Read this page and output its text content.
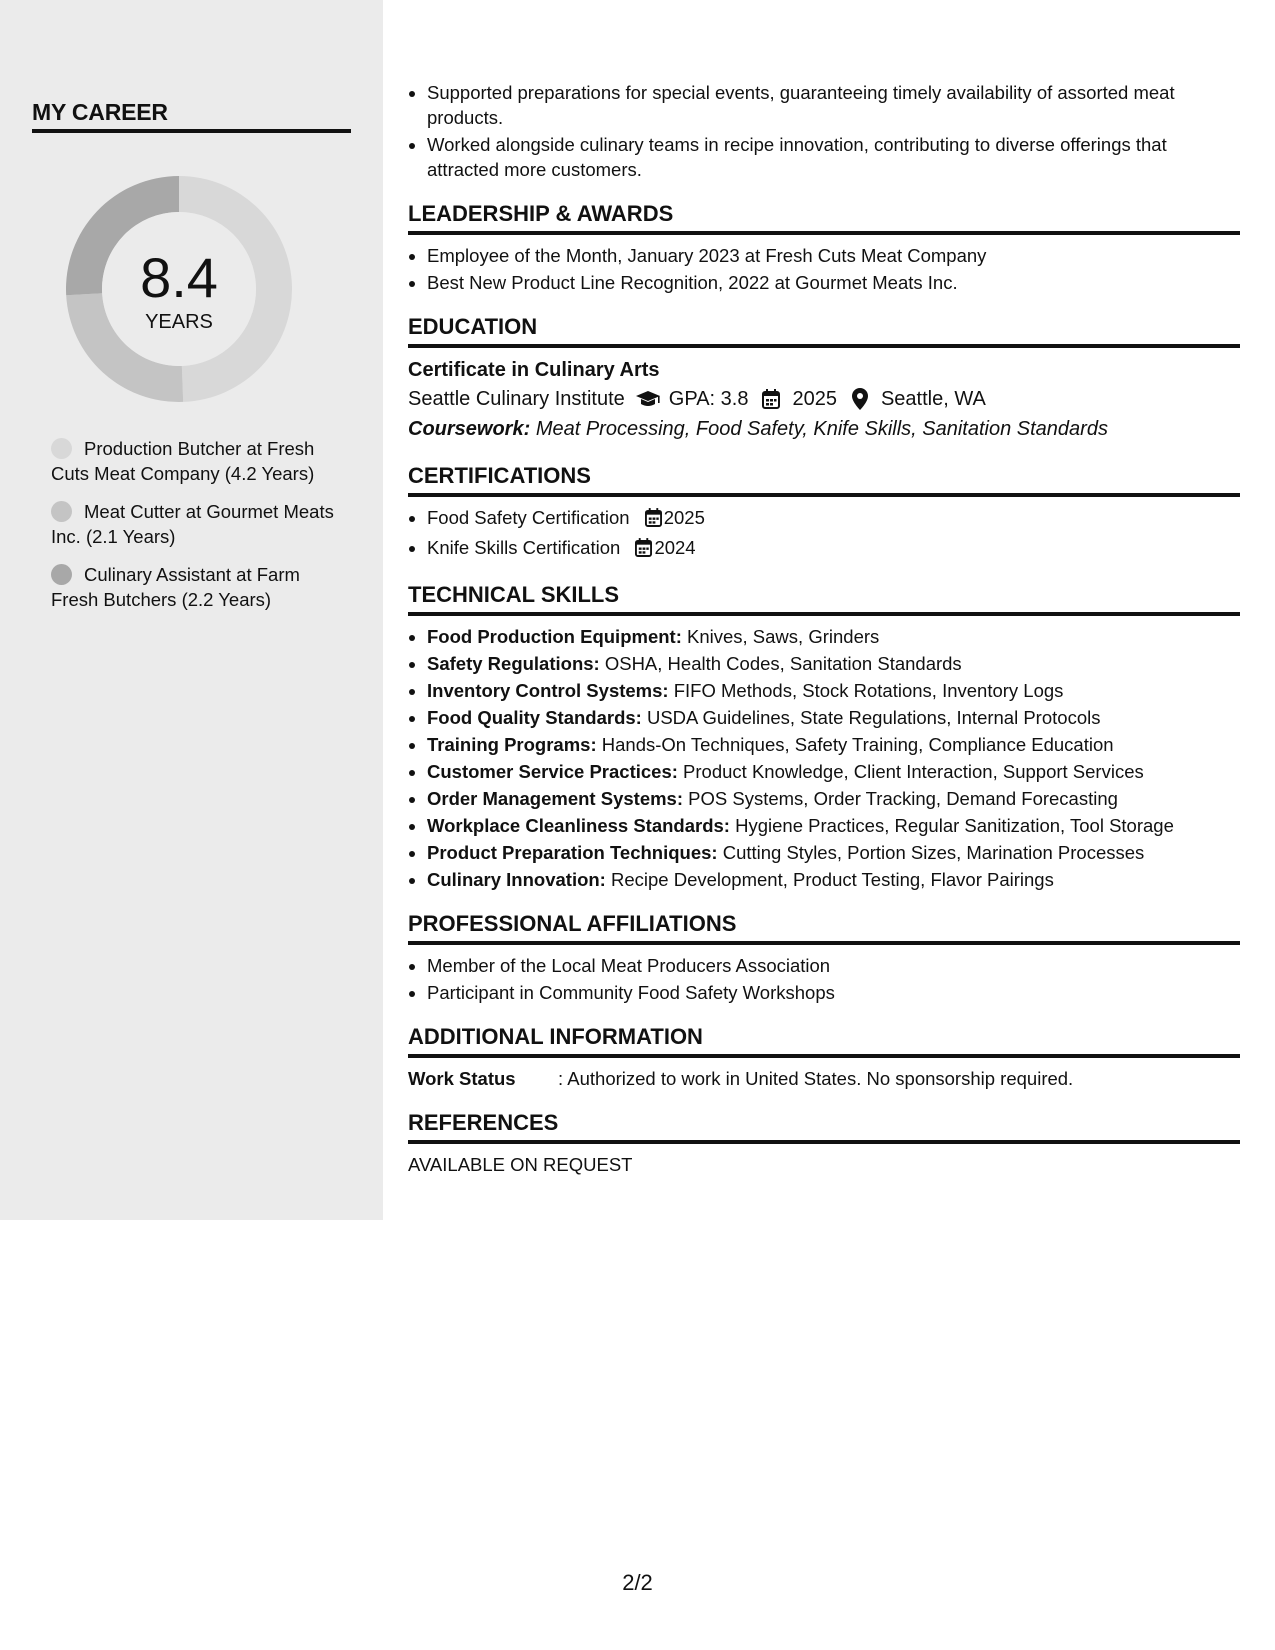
MY CAREER
8.4
YEARS
Production Butcher at Fresh Cuts Meat Company (4.2 Years)
Meat Cutter at Gourmet Meats Inc. (2.1 Years)
Culinary Assistant at Farm Fresh Butchers (2.2 Years)
• Supported preparations for special events, guaranteeing timely availability of assorted meat products.
• Worked alongside culinary teams in recipe innovation, contributing to diverse offerings that attracted more customers.
LEADERSHIP & AWARDS
• Employee of the Month, January 2023 at Fresh Cuts Meat Company
• Best New Product Line Recognition, 2022 at Gourmet Meats Inc.
EDUCATION
Certificate in Culinary Arts
Seattle Culinary Institute GPA: 3.8 2025 Seattle, WA
Coursework: Meat Processing, Food Safety, Knife Skills, Sanitation Standards
CERTIFICATIONS
• Food Safety Certification 2025
• Knife Skills Certification 2024
TECHNICAL SKILLS
• Food Production Equipment: Knives, Saws, Grinders
• Safety Regulations: OSHA, Health Codes, Sanitation Standards
• Inventory Control Systems: FIFO Methods, Stock Rotations, Inventory Logs
• Food Quality Standards: USDA Guidelines, State Regulations, Internal Protocols
• Training Programs: Hands-On Techniques, Safety Training, Compliance Education
• Customer Service Practices: Product Knowledge, Client Interaction, Support Services
• Order Management Systems: POS Systems, Order Tracking, Demand Forecasting
• Workplace Cleanliness Standards: Hygiene Practices, Regular Sanitization, Tool Storage
• Product Preparation Techniques: Cutting Styles, Portion Sizes, Marination Processes
• Culinary Innovation: Recipe Development, Product Testing, Flavor Pairings
PROFESSIONAL AFFILIATIONS
• Member of the Local Meat Producers Association
• Participant in Community Food Safety Workshops
ADDITIONAL INFORMATION
Work Status	: Authorized to work in United States. No sponsorship required.
REFERENCES
AVAILABLE ON REQUEST
2/2
